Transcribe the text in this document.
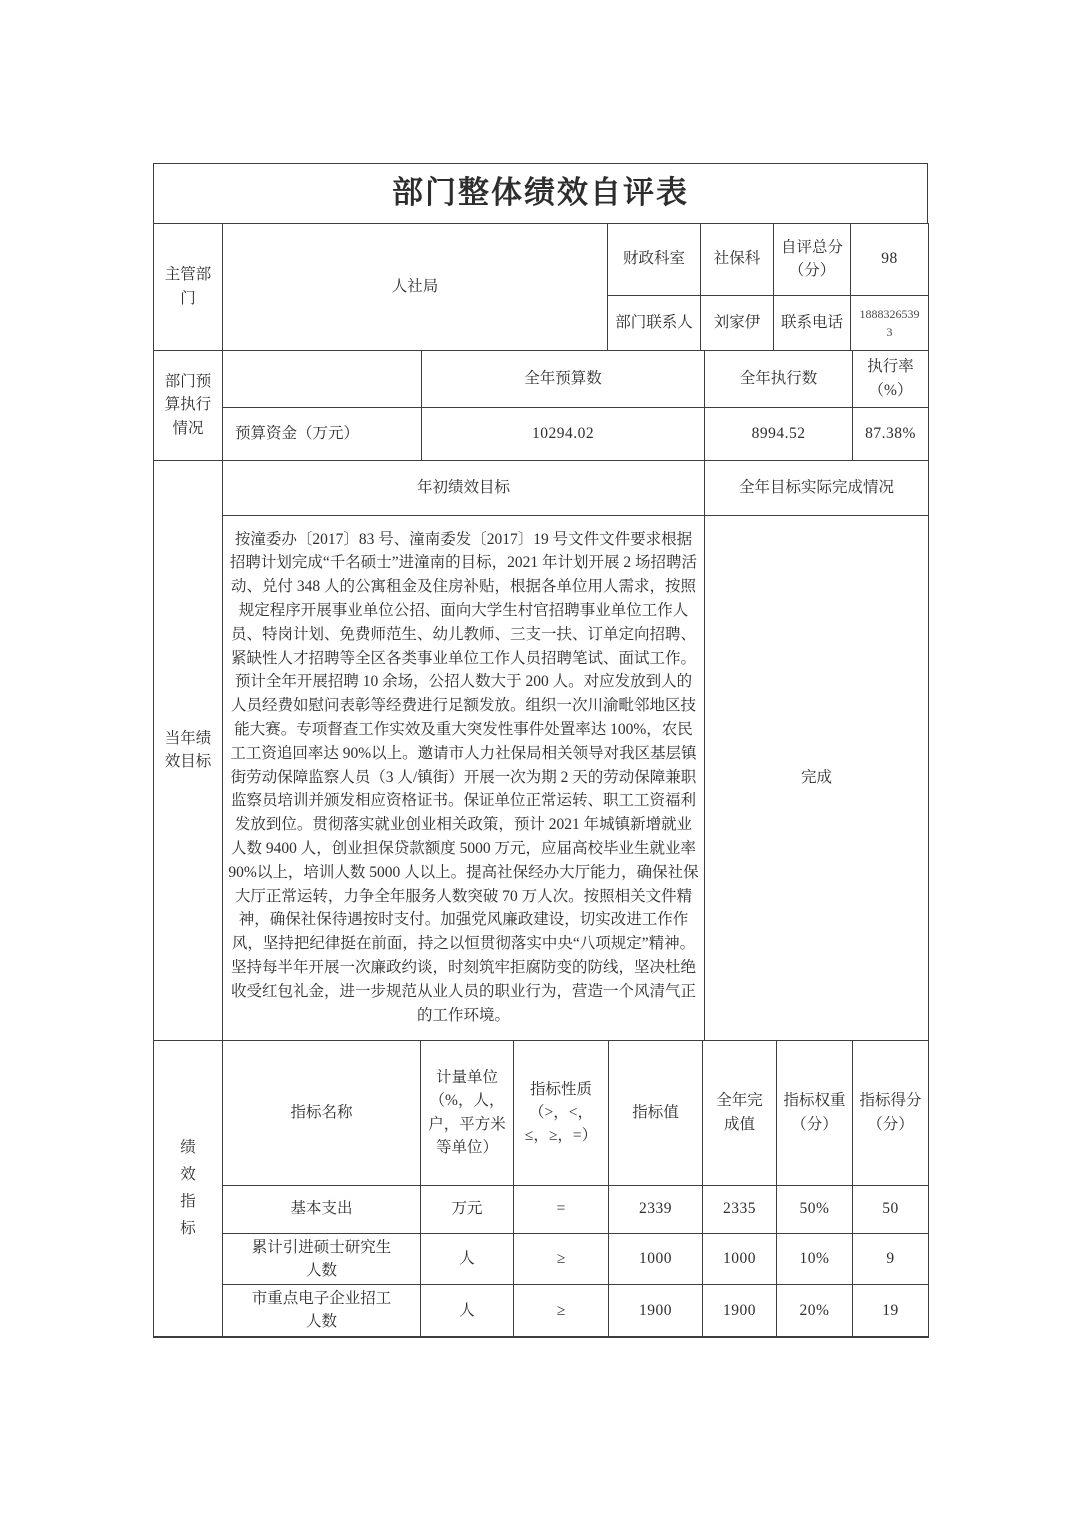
部门整体绩效自评表
主管部门	人社局	财政科室	社保科	自评总分（分）	98
		部门联系人	刘家伊	联系电话	18883265393
部门预算执行情况		全年预算数	全年执行数	执行率（%）
	预算资金（万元）	10294.02	8994.52	87.38%
当年绩效目标	年初绩效目标	全年目标实际完成情况
	按潼委办〔2017〕83 号、潼南委发〔2017〕19 号文件文件要求根据招聘计划完成“千名硕士”进潼南的目标，2021 年计划开展 2 场招聘活动、兑付 348 人的公寓租金及住房补贴，根据各单位用人需求，按照规定程序开展事业单位公招、面向大学生村官招聘事业单位工作人员、特岗计划、免费师范生、幼儿教师、三支一扶、订单定向招聘、紧缺性人才招聘等全区各类事业单位工作人员招聘笔试、面试工作。预计全年开展招聘 10 余场，公招人数大于 200 人。对应发放到人的人员经费如慰问表彰等经费进行足额发放。组织一次川渝毗邻地区技能大赛。专项督查工作实效及重大突发性事件处置率达 100%，农民工工资追回率达 90%以上。邀请市人力社保局相关领导对我区基层镇街劳动保障监察人员（3 人/镇街）开展一次为期 2 天的劳动保障兼职监察员培训并颁发相应资格证书。保证单位正常运转、职工工资福利发放到位。贯彻落实就业创业相关政策，预计 2021 年城镇新增就业人数 9400 人，创业担保贷款额度 5000 万元，应届高校毕业生就业率 90%以上，培训人数 5000 人以上。提高社保经办大厅能力，确保社保大厅正常运转，力争全年服务人数突破 70 万人次。按照相关文件精神，确保社保待遇按时支付。加强党风廉政建设，切实改进工作作风，坚持把纪律挺在前面，持之以恒贯彻落实中央“八项规定”精神。坚持每半年开展一次廉政约谈，时刻筑牢拒腐防变的防线，坚决杜绝收受红包礼金，进一步规范从业人员的职业行为，营造一个风清气正的工作环境。	完成
绩效指标	指标名称	计量单位（%，人，户，平方米等单位）	指标性质（>，<，≤，≥，=）	指标值	全年完成值	指标权重（分）	指标得分（分）
	基本支出	万元	=	2339	2335	50%	50
	累计引进硕士研究生人数	人	≥	1000	1000	10%	9
	市重点电子企业招工人数	人	≥	1900	1900	20%	19
